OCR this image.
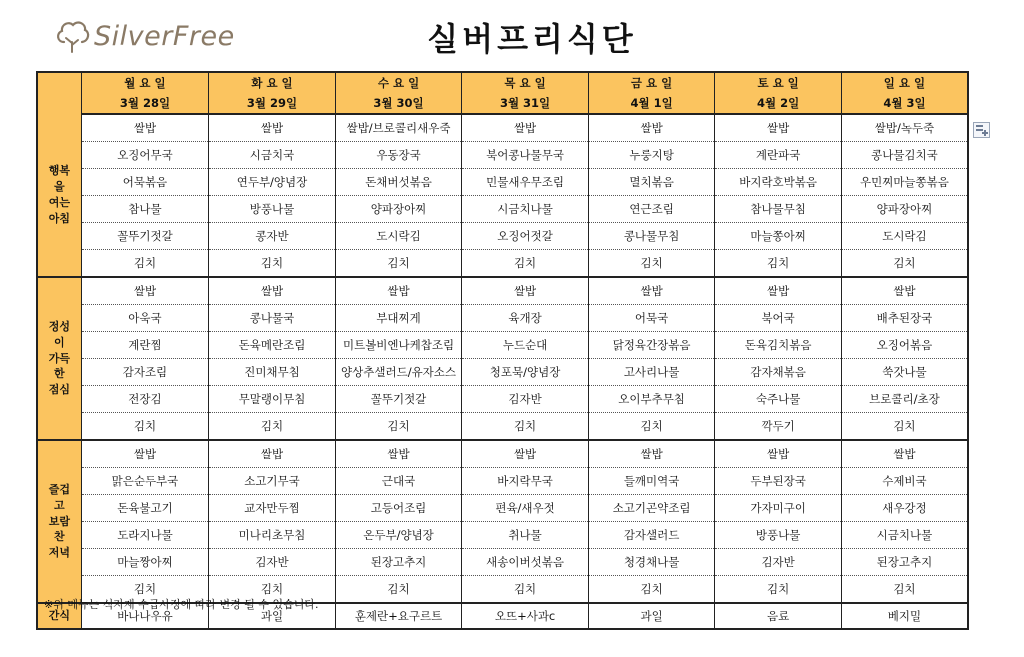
SilverFree	실버프리식단
	월 요 일	화 요 일	수 요 일	목 요 일	금 요 일	토 요 일	일 요 일
	3월 28일	3월 29일	3월 30일	3월 31일	4월 1일	4월 2일	4월 3일

행복
을
여는
아침	쌀밥	쌀밥	쌀밥/브로콜리새우죽	쌀밥	쌀밥	쌀밥	쌀밥/녹두죽
	오징어무국	시금치국	우동장국	북어콩나물무국	누룽지탕	계란파국	콩나물김치국
	어묵볶음	연두부/양념장	돈채버섯볶음	민물새우무조림	멸치볶음	바지락호박볶음	우민찌마늘쫑볶음
	참나물	방풍나물	양파장아찌	시금치나물	연근조림	참나물무침	양파장아찌
	꼴뚜기젓갈	콩자반	도시락김	오징어젓갈	콩나물무침	마늘쫑아찌	도시락김
	김치	김치	김치	김치	김치	김치	김치

정성
이
가득
한
점심	쌀밥	쌀밥	쌀밥	쌀밥	쌀밥	쌀밥	쌀밥
	아욱국	콩나물국	부대찌게	육개장	어묵국	북어국	배추된장국
	계란찜	돈육메란조림	미트볼비엔나케찹조림	누드순대	닭정육간장볶음	돈육김치볶음	오징어볶음
	감자조림	진미채무침	양상추샐러드/유자소스	청포묵/양념장	고사리나물	감자채볶음	쑥갓나물
	전장김	무말랭이무침	꼴뚜기젓갈	김자반	오이부추무침	숙주나물	브로콜리/초장
	김치	김치	김치	김치	김치	깍두기	김치

즐겁
고
보람
찬
저녁	쌀밥	쌀밥	쌀밥	쌀밥	쌀밥	쌀밥	쌀밥
	맑은순두부국	소고기무국	근대국	바지락무국	들깨미역국	두부된장국	수제비국
	돈육불고기	교자만두찜	고등어조림	편육/새우젓	소고기곤약조림	가자미구이	새우강정
	도라지나물	미나리초무침	온두부/양념장	취나물	감자샐러드	방풍나물	시금치나물
	마늘짱아찌	김자반	된장고추지	새송이버섯볶음	청경채나물	김자반	된장고추지
	김치	김치	김치	김치	김치	김치	김치
간식	바나나우유	과일	훈제란+요구르트	오뜨+사과c	과일	음료	베지밀
※위 메뉴는 식자재 수급사정에 따라 변경 될 수 있습니다.
